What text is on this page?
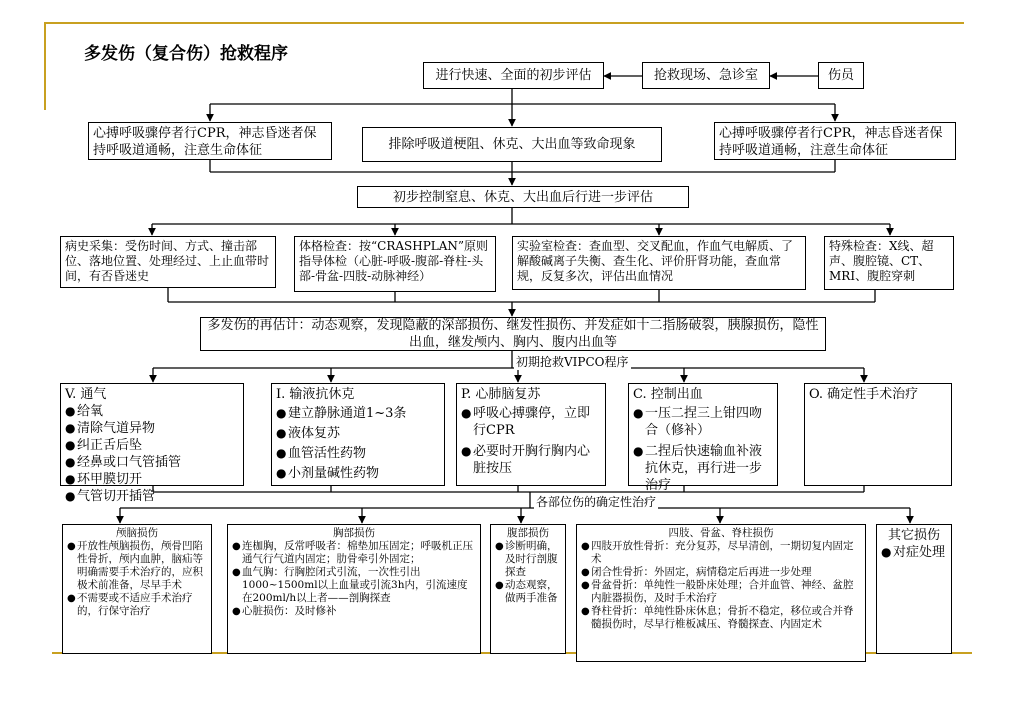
多发伤（复合伤）抢救程序
进行快速、全面的初步评估	抢救现场、急诊室	伤员
心搏呼吸骤停者行CPR，神志昏迷者保持呼吸道通畅，注意生命体征	排除呼吸道梗阻、休克、大出血等致命现象
心搏呼吸骤停者行CPR，神志昏迷者保持呼吸道通畅，注意生命体征
初步控制窒息、休克、大出血后行进一步评估
病史采集：受伤时间、方式、撞击部位、落地位置、处理经过、上止血带时间，有否昏迷史
体格检查：按“CRASHPLAN”原则指导体检（心脏-呼吸-腹部-脊柱-头部-骨盆-四肢-动脉神经）
实验室检查：查血型、交叉配血，作血气电解质、了解酸碱离子失衡、查生化、评价肝肾功能，查血常规，反复多次，评估出血情况
特殊检查：X线、超声、腹腔镜、CT、MRI、腹腔穿刺
多发伤的再估计：动态观察，发现隐蔽的深部损伤、继发性损伤、并发症如十二指肠破裂，胰腺损伤，隐性出血，继发颅内、胸内、腹内出血等
初期抢救VIPCO程序
V. 通气
● 给氧
● 清除气道异物
● 纠正舌后坠
● 经鼻或口气管插管
● 环甲膜切开
● 气管切开插管
I. 输液抗休克
● 建立静脉通道1~3条
● 液体复苏
● 血管活性药物
● 小剂量碱性药物
P. 心肺脑复苏
● 呼吸心搏骤停，立即行CPR
● 必要时开胸行胸内心脏按压
C. 控制出血
● 一压二捏三上钳四吻合（修补）
● 二捏后快速输血补液抗休克，再行进一步治疗
O. 确定性手术治疗
各部位伤的确定性治疗
颅脑损伤
● 开放性颅脑损伤，颅骨凹陷性骨折，颅内血肿，脑疝等明确需要手术治疗的，应积极术前准备，尽早手术
● 不需要或不适应手术治疗的，行保守治疗
胸部损伤
● 连枷胸，反常呼吸者：棉垫加压固定；呼吸机正压通气行气道内固定；肋骨牵引外固定；
● 血气胸：行胸腔闭式引流，一次性引出1000~1500ml以上血量或引流3h内，引流速度在200ml/h以上者——剖胸探查
● 心脏损伤：及时修补
腹部损伤
● 诊断明确，及时行剖腹探查
● 动态观察，做两手准备
四肢、骨盆、脊柱损伤
● 四肢开放性骨折：充分复苏，尽早清创，一期切复内固定术
● 闭合性骨折：外固定，病情稳定后再进一步处理
● 骨盆骨折：单纯性一般卧床处理；合并血管、神经、盆腔内脏器损伤，及时手术治疗
● 脊柱骨折：单纯性卧床休息；骨折不稳定，移位或合并脊髓损伤时，尽早行椎板减压、脊髓探查、内固定术
其它损伤
● 对症处理
